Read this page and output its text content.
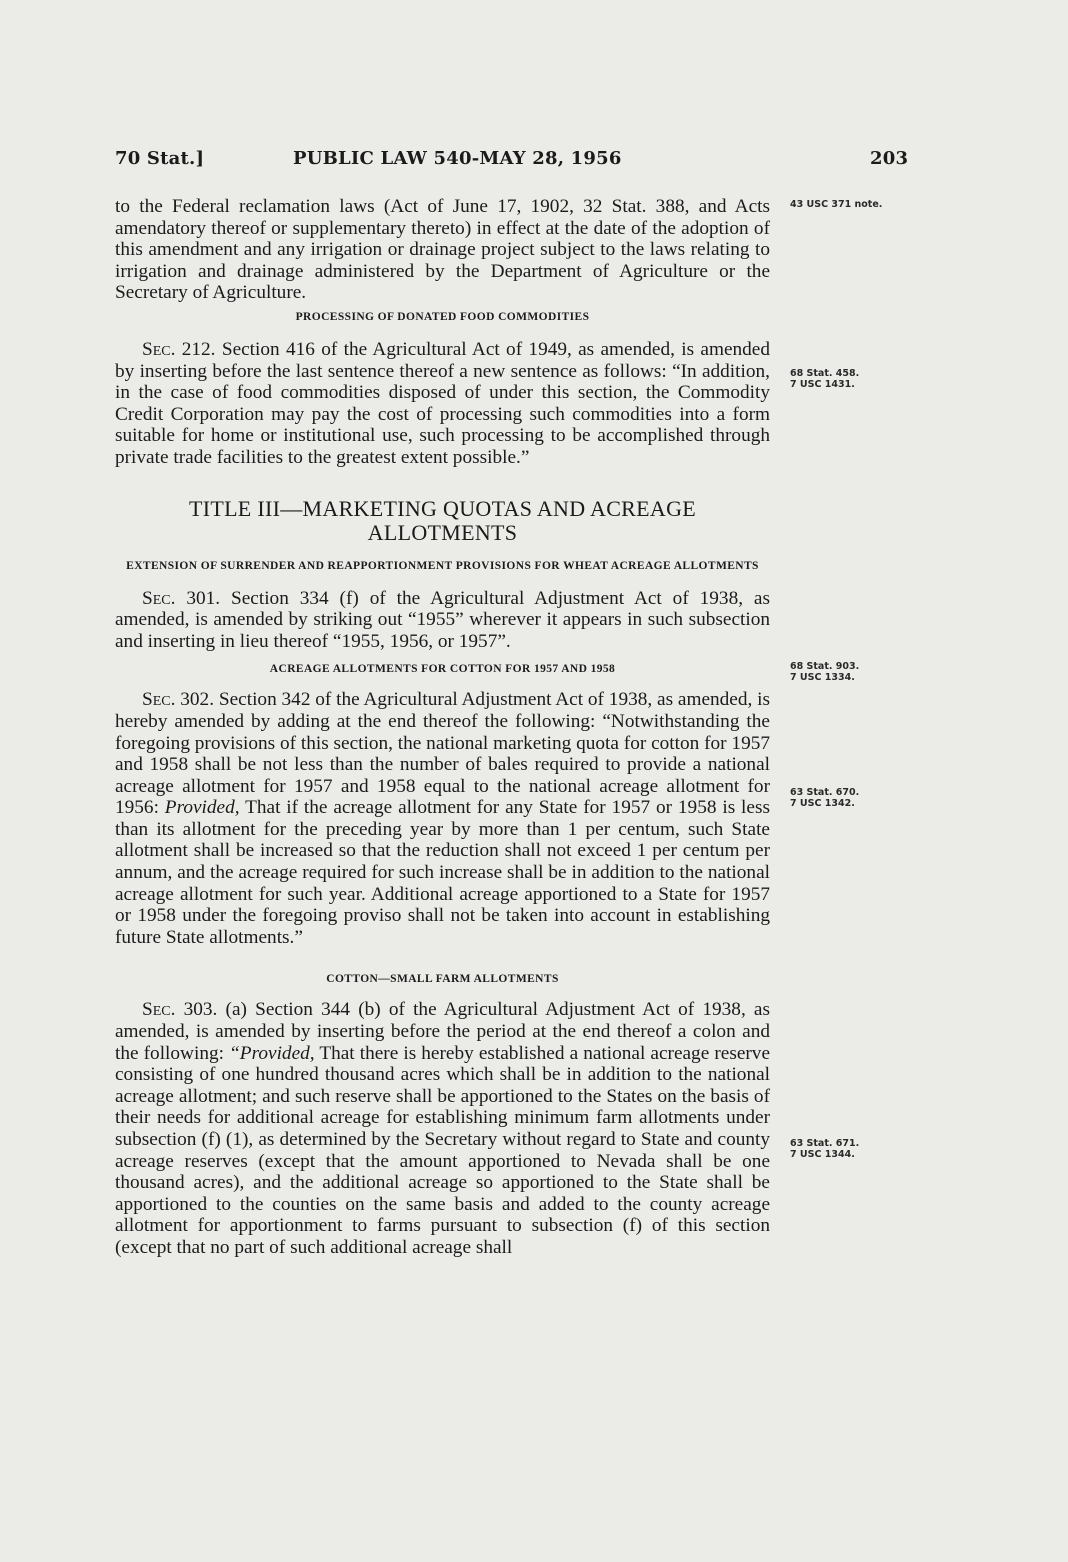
70 Stat.]	PUBLIC LAW 540-MAY 28, 1956	203
43 USC 371 note.
68 Stat. 458.
7 USC 1431.
68 Stat. 903.
7 USC 1334.
63 Stat. 670.
7 USC 1342.
63 Stat. 671.
7 USC 1344.

to the Federal reclamation laws (Act of June 17, 1902, 32 Stat. 388, and Acts amendatory thereof or supplementary thereto) in effect at the date of the adoption of this amendment and any irrigation or drainage project subject to the laws relating to irrigation and drainage administered by the Department of Agriculture or the Secretary of Agriculture.

PROCESSING OF DONATED FOOD COMMODITIES

Sec. 212. Section 416 of the Agricultural Act of 1949, as amended, is amended by inserting before the last sentence thereof a new sentence as follows: “In addition, in the case of food commodities disposed of under this section, the Commodity Credit Corporation may pay the cost of processing such commodities into a form suitable for home or institutional use, such processing to be accomplished through private trade facilities to the greatest extent possible.”

TITLE III—MARKETING QUOTAS AND ACREAGE ALLOTMENTS
EXTENSION OF SURRENDER AND REAPPORTIONMENT PROVISIONS FOR WHEAT ACREAGE ALLOTMENTS

Sec. 301. Section 334 (f) of the Agricultural Adjustment Act of 1938, as amended, is amended by striking out “1955” wherever it appears in such subsection and inserting in lieu thereof “1955, 1956, or 1957”.

ACREAGE ALLOTMENTS FOR COTTON FOR 1957 AND 1958

Sec. 302. Section 342 of the Agricultural Adjustment Act of 1938, as amended, is hereby amended by adding at the end thereof the following: “Notwithstanding the foregoing provisions of this section, the national marketing quota for cotton for 1957 and 1958 shall be not less than the number of bales required to provide a national acreage allotment for 1957 and 1958 equal to the national acreage allotment for 1956: Provided, That if the acreage allotment for any State for 1957 or 1958 is less than its allotment for the preceding year by more than 1 per centum, such State allotment shall be increased so that the reduction shall not exceed 1 per centum per annum, and the acreage required for such increase shall be in addition to the national acreage allotment for such year. Additional acreage apportioned to a State for 1957 or 1958 under the foregoing proviso shall not be taken into account in establishing future State allotments.”

COTTON—SMALL FARM ALLOTMENTS

Sec. 303. (a) Section 344 (b) of the Agricultural Adjustment Act of 1938, as amended, is amended by inserting before the period at the end thereof a colon and the following: “Provided, That there is hereby established a national acreage reserve consisting of one hundred thousand acres which shall be in addition to the national acreage allotment; and such reserve shall be apportioned to the States on the basis of their needs for additional acreage for establishing minimum farm allotments under subsection (f) (1), as determined by the Secretary without regard to State and county acreage reserves (except that the amount apportioned to Nevada shall be one thousand acres), and the additional acreage so apportioned to the State shall be apportioned to the counties on the same basis and added to the county acreage allotment for apportionment to farms pursuant to subsection (f) of this section (except that no part of such additional acreage shall
